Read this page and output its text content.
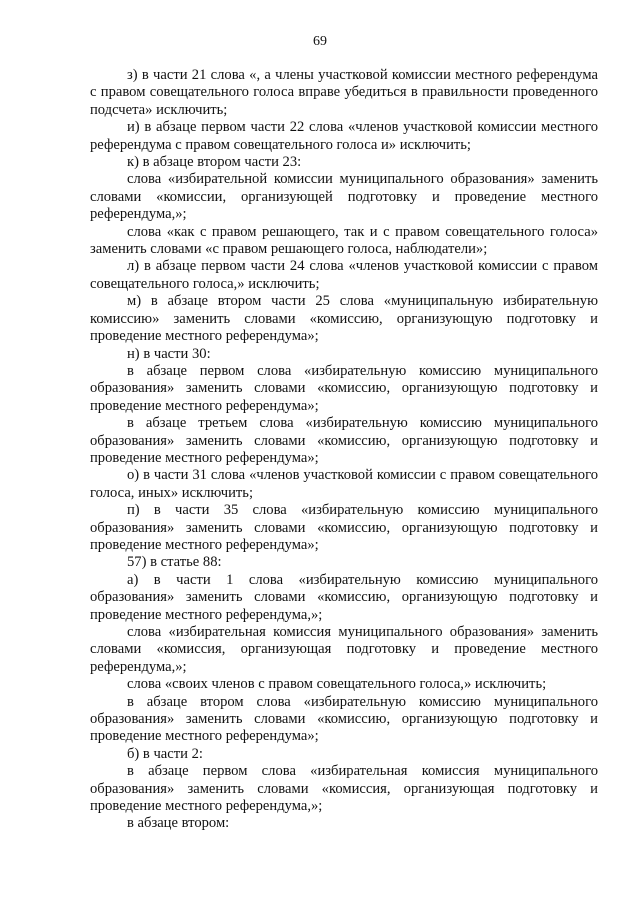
69

з) в части 21 слова «, а члены участковой комиссии местного референдума с правом совещательного голоса вправе убедиться в правильности проведенного подсчета» исключить;

и) в абзаце первом части 22 слова «членов участковой комиссии местного референдума с правом совещательного голоса и» исключить;

к) в абзаце втором части 23:

слова «избирательной комиссии муниципального образования» заменить словами «комиссии, организующей подготовку и проведение местного референдума,»;

слова «как с правом решающего, так и с правом совещательного голоса» заменить словами «с правом решающего голоса, наблюдатели»;

л) в абзаце первом части 24 слова «членов участковой комиссии с правом совещательного голоса,» исключить;

м) в абзаце втором части 25 слова «муниципальную избирательную комиссию» заменить словами «комиссию, организующую подготовку и проведение местного референдума»;

н) в части 30:

в абзаце первом слова «избирательную комиссию муниципального образования» заменить словами «комиссию, организующую подготовку и проведение местного референдума»;

в абзаце третьем слова «избирательную комиссию муниципального образования» заменить словами «комиссию, организующую подготовку и проведение местного референдума»;

о) в части 31 слова «членов участковой комиссии с правом совещательного голоса, иных» исключить;

п) в части 35 слова «избирательную комиссию муниципального образования» заменить словами «комиссию, организующую подготовку и проведение местного референдума»;

57) в статье 88:

а) в части 1 слова «избирательную комиссию муниципального образования» заменить словами «комиссию, организующую подготовку и проведение местного референдума,»;

слова «избирательная комиссия муниципального образования» заменить словами «комиссия, организующая подготовку и проведение местного референдума,»;

слова «своих членов с правом совещательного голоса,» исключить;

в абзаце втором слова «избирательную комиссию муниципального образования» заменить словами «комиссию, организующую подготовку и проведение местного референдума»;

б) в части 2:

в абзаце первом слова «избирательная комиссия муниципального образования» заменить словами «комиссия, организующая подготовку и проведение местного референдума,»;

в абзаце втором:
